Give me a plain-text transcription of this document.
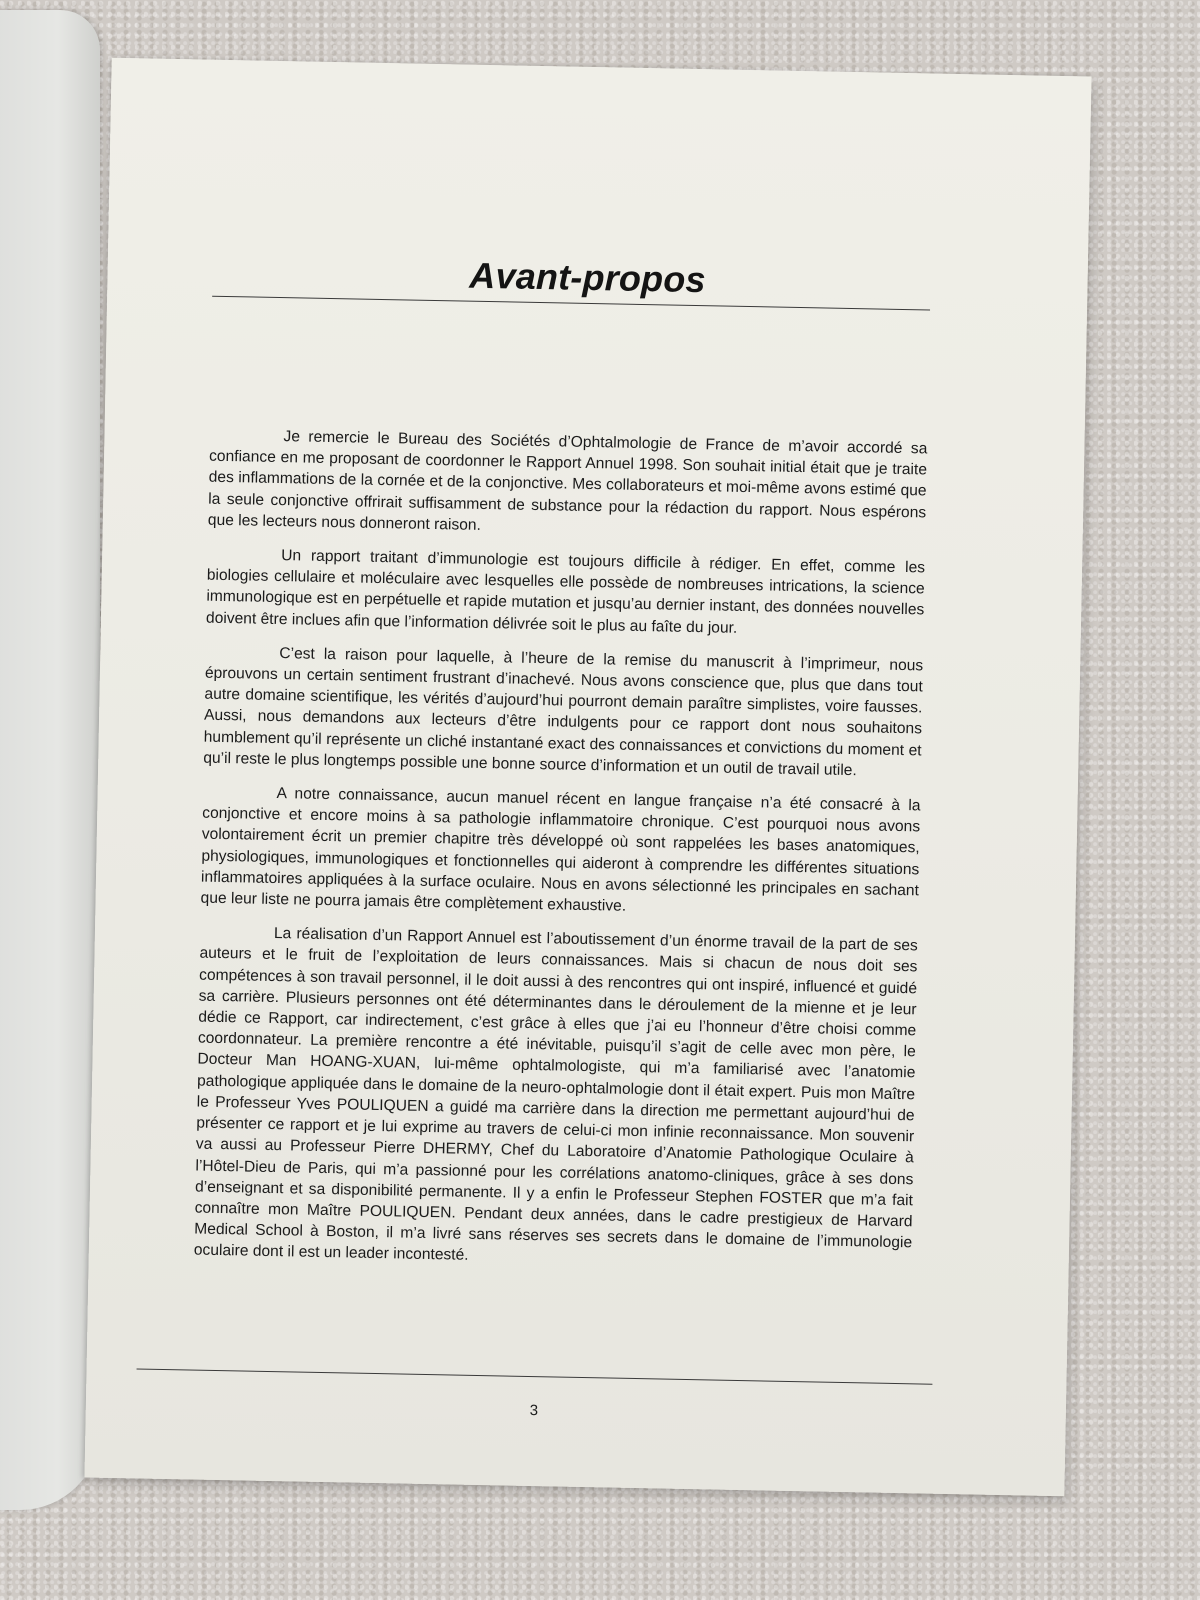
Avant-propos

Je remercie le Bureau des Sociétés d’Ophtalmologie de France de m’avoir accordé sa confiance en me proposant de coordonner le Rapport Annuel 1998. Son souhait initial était que je traite des inflammations de la cornée et de la conjonctive. Mes collaborateurs et moi-même avons estimé que la seule conjonctive offrirait suffisamment de substance pour la rédaction du rapport. Nous espérons que les lecteurs nous donneront raison.

Un rapport traitant d’immunologie est toujours difficile à rédiger. En effet, comme les biologies cellulaire et moléculaire avec lesquelles elle possède de nombreuses intrications, la science immunologique est en perpétuelle et rapide mutation et jusqu’au dernier instant, des données nouvelles doivent être inclues afin que l’information délivrée soit le plus au faîte du jour.

C’est la raison pour laquelle, à l’heure de la remise du manuscrit à l’imprimeur, nous éprouvons un certain sentiment frustrant d’inachevé. Nous avons conscience que, plus que dans tout autre domaine scientifique, les vérités d’aujourd’hui pourront demain paraître simplistes, voire fausses. Aussi, nous demandons aux lecteurs d’être indulgents pour ce rapport dont nous souhaitons humblement qu’il représente un cliché instantané exact des connaissances et convictions du moment et qu’il reste le plus longtemps possible une bonne source d’information et un outil de travail utile.

A notre connaissance, aucun manuel récent en langue française n’a été consacré à la conjonctive et encore moins à sa pathologie inflammatoire chronique. C’est pourquoi nous avons volontairement écrit un premier chapitre très développé où sont rappelées les bases anatomiques, physiologiques, immunologiques et fonctionnelles qui aideront à comprendre les différentes situations inflammatoires appliquées à la surface oculaire. Nous en avons sélectionné les principales en sachant que leur liste ne pourra jamais être complètement exhaustive.

La réalisation d’un Rapport Annuel est l’aboutissement d’un énorme travail de la part de ses auteurs et le fruit de l’exploitation de leurs connaissances. Mais si chacun de nous doit ses compétences à son travail personnel, il le doit aussi à des rencontres qui ont inspiré, influencé et guidé sa carrière. Plusieurs personnes ont été déterminantes dans le déroulement de la mienne et je leur dédie ce Rapport, car indirectement, c’est grâce à elles que j’ai eu l’honneur d’être choisi comme coordonnateur. La première rencontre a été inévitable, puisqu’il s’agit de celle avec mon père, le Docteur Man HOANG-XUAN, lui-même ophtalmologiste, qui m’a familiarisé avec l’anatomie pathologique appliquée dans le domaine de la neuro-ophtalmologie dont il était expert. Puis mon Maître le Professeur Yves POULIQUEN a guidé ma carrière dans la direction me permettant aujourd’hui de présenter ce rapport et je lui exprime au travers de celui-ci mon infinie reconnaissance. Mon souvenir va aussi au Professeur Pierre DHERMY, Chef du Laboratoire d’Anatomie Pathologique Oculaire à l’Hôtel-Dieu de Paris, qui m’a passionné pour les corrélations anatomo-cliniques, grâce à ses dons d’enseignant et sa disponibilité permanente. Il y a enfin le Professeur Stephen FOSTER que m’a fait connaître mon Maître POULIQUEN. Pendant deux années, dans le cadre prestigieux de Harvard Medical School à Boston, il m’a livré sans réserves ses secrets dans le domaine de l’immunologie oculaire dont il est un leader incontesté.

3
